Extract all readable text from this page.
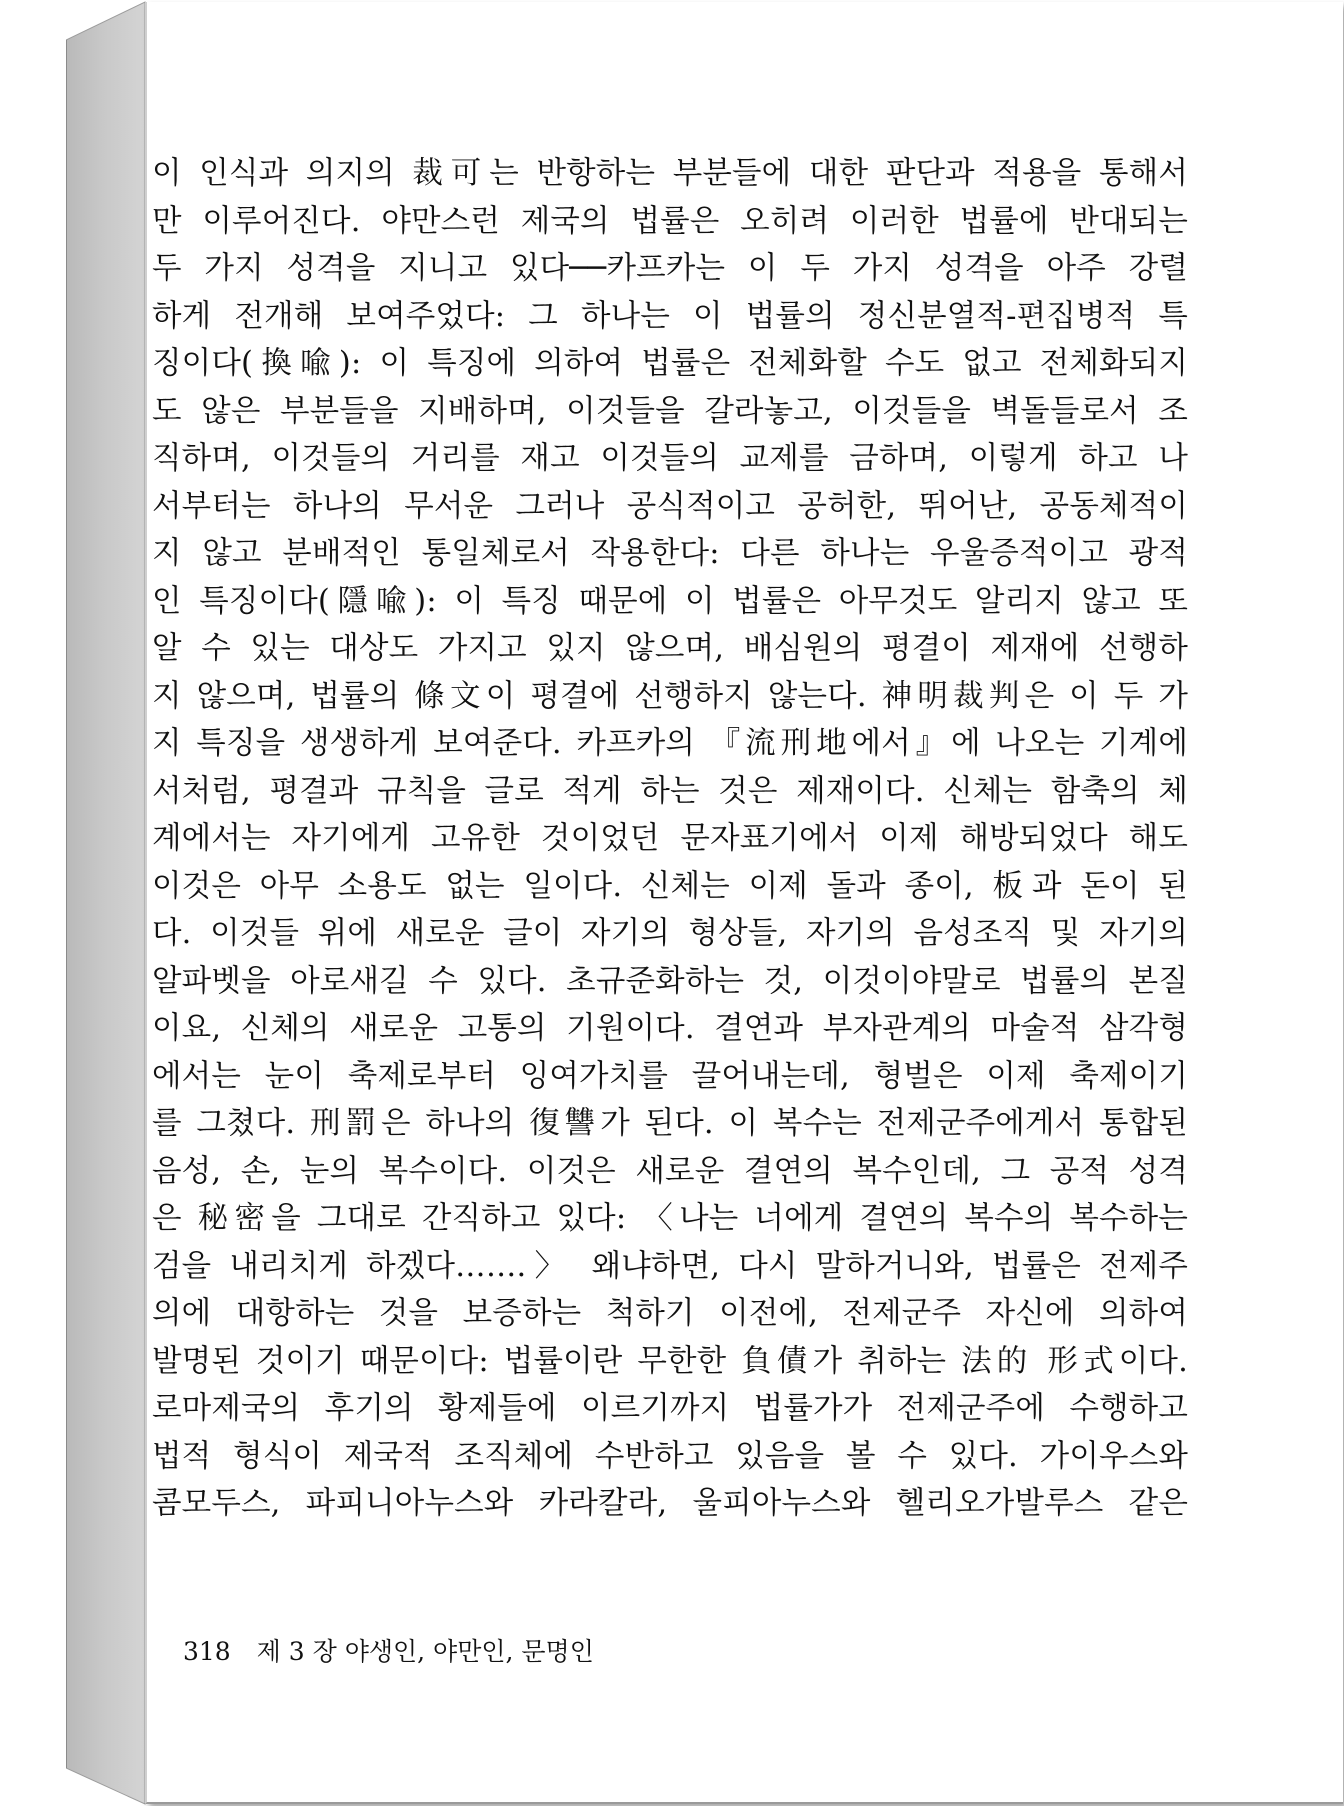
이 인식과 의지의 裁可는 반항하는 부분들에 대한 판단과 적용을 통해서
만 이루어진다. 야만스런 제국의 법률은 오히려 이러한 법률에 반대되는
두 가지 성격을 지니고 있다──카프카는 이 두 가지 성격을 아주 강렬
하게 전개해 보여주었다: 그 하나는 이 법률의 정신분열적-편집병적 특
징이다(換喩): 이 특징에 의하여 법률은 전체화할 수도 없고 전체화되지
도 않은 부분들을 지배하며, 이것들을 갈라놓고, 이것들을 벽돌들로서 조
직하며, 이것들의 거리를 재고 이것들의 교제를 금하며, 이렇게 하고 나
서부터는 하나의 무서운 그러나 공식적이고 공허한, 뛰어난, 공동체적이
지 않고 분배적인 통일체로서 작용한다: 다른 하나는 우울증적이고 광적
인 특징이다(隱喩): 이 특징 때문에 이 법률은 아무것도 알리지 않고 또
알 수 있는 대상도 가지고 있지 않으며, 배심원의 평결이 제재에 선행하
지 않으며, 법률의 條文이 평결에 선행하지 않는다. 神明裁判은 이 두 가
지 특징을 생생하게 보여준다. 카프카의 『流刑地에서』에 나오는 기계에
서처럼, 평결과 규칙을 글로 적게 하는 것은 제재이다. 신체는 함축의 체
계에서는 자기에게 고유한 것이었던 문자표기에서 이제 해방되었다 해도
이것은 아무 소용도 없는 일이다. 신체는 이제 돌과 종이, 板과 돈이 된
다. 이것들 위에 새로운 글이 자기의 형상들, 자기의 음성조직 및 자기의
알파벳을 아로새길 수 있다. 초규준화하는 것, 이것이야말로 법률의 본질
이요, 신체의 새로운 고통의 기원이다. 결연과 부자관계의 마술적 삼각형
에서는 눈이 축제로부터 잉여가치를 끌어내는데, 형벌은 이제 축제이기
를 그쳤다. 刑罰은 하나의 復讐가 된다. 이 복수는 전제군주에게서 통합된
음성, 손, 눈의 복수이다. 이것은 새로운 결연의 복수인데, 그 공적 성격
은 秘密을 그대로 간직하고 있다: 〈나는 너에게 결연의 복수의 복수하는
검을 내리치게 하겠다…….〉 왜냐하면, 다시 말하거니와, 법률은 전제주
의에 대항하는 것을 보증하는 척하기 이전에, 전제군주 자신에 의하여
발명된 것이기 때문이다: 법률이란 무한한 負債가 취하는 法的 形式이다.
로마제국의 후기의 황제들에 이르기까지 법률가가 전제군주에 수행하고
법적 형식이 제국적 조직체에 수반하고 있음을 볼 수 있다. 가이우스와
콤모두스, 파피니아누스와 카라칼라, 울피아누스와 헬리오가발루스 같은
318 제 3 장 야생인, 야만인, 문명인
